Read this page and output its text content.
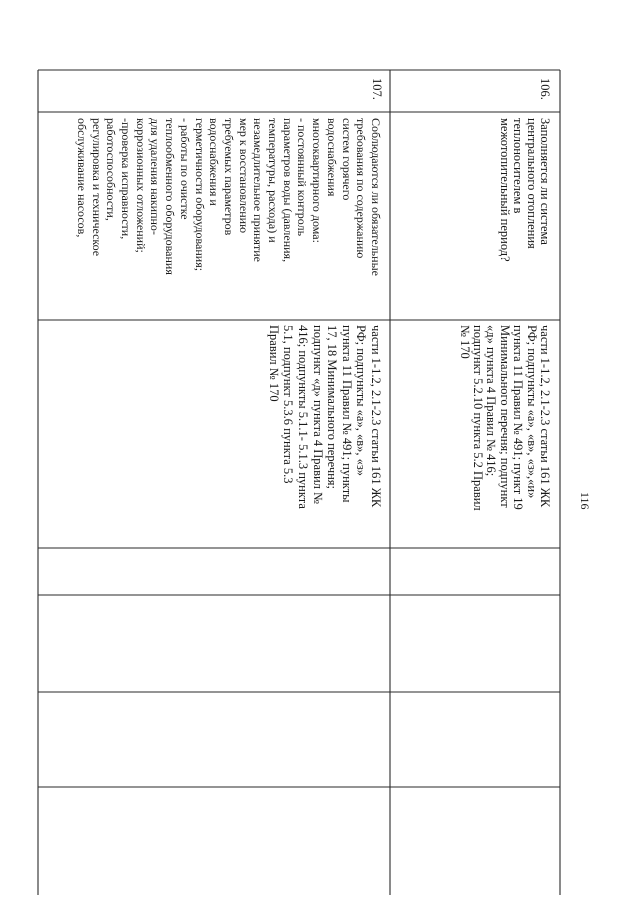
116
106.
Заполняется ли система
центрального отопления
теплоносителем в
межотопительный период?
части 1-1.2, 2.1-2.3 статьи 161 ЖК
РФ; подпункты «а», «в», «з»,«и»
пункта 11 Правил № 491; пункт 19
Минимального перечня; подпункт
«д» пункта 4 Правил № 416;
подпункт 5.2.10 пункта 5.2 Правил
№ 170
107.
Соблюдаются ли обязательные
требования по содержанию
систем горячего
водоснабжения
многоквартирного дома:
- постоянный контроль
параметров воды (давления,
температуры, расхода) и
незамедлительное принятие
мер к восстановлению
требуемых параметров
водоснабжения и
герметичности оборудования;
- работы по очистке
теплообменного оборудования
для удаления накипно-
коррозионных отложений;
-проверка исправности,
работоспособности,
регулировка и техническое
обслуживание насосов,
части 1-1.2, 2.1-2.3 статьи 161 ЖК
РФ; подпункты «а», «в», «з»
пункта 11 Правил № 491; пункты
17, 18 Минимального перечня;
подпункт «д» пункта 4 Правил №
416; подпункты 5.1.1- 5.1.3 пункта
5.1, подпункт 5.3.6 пункта 5.3
Правил № 170
